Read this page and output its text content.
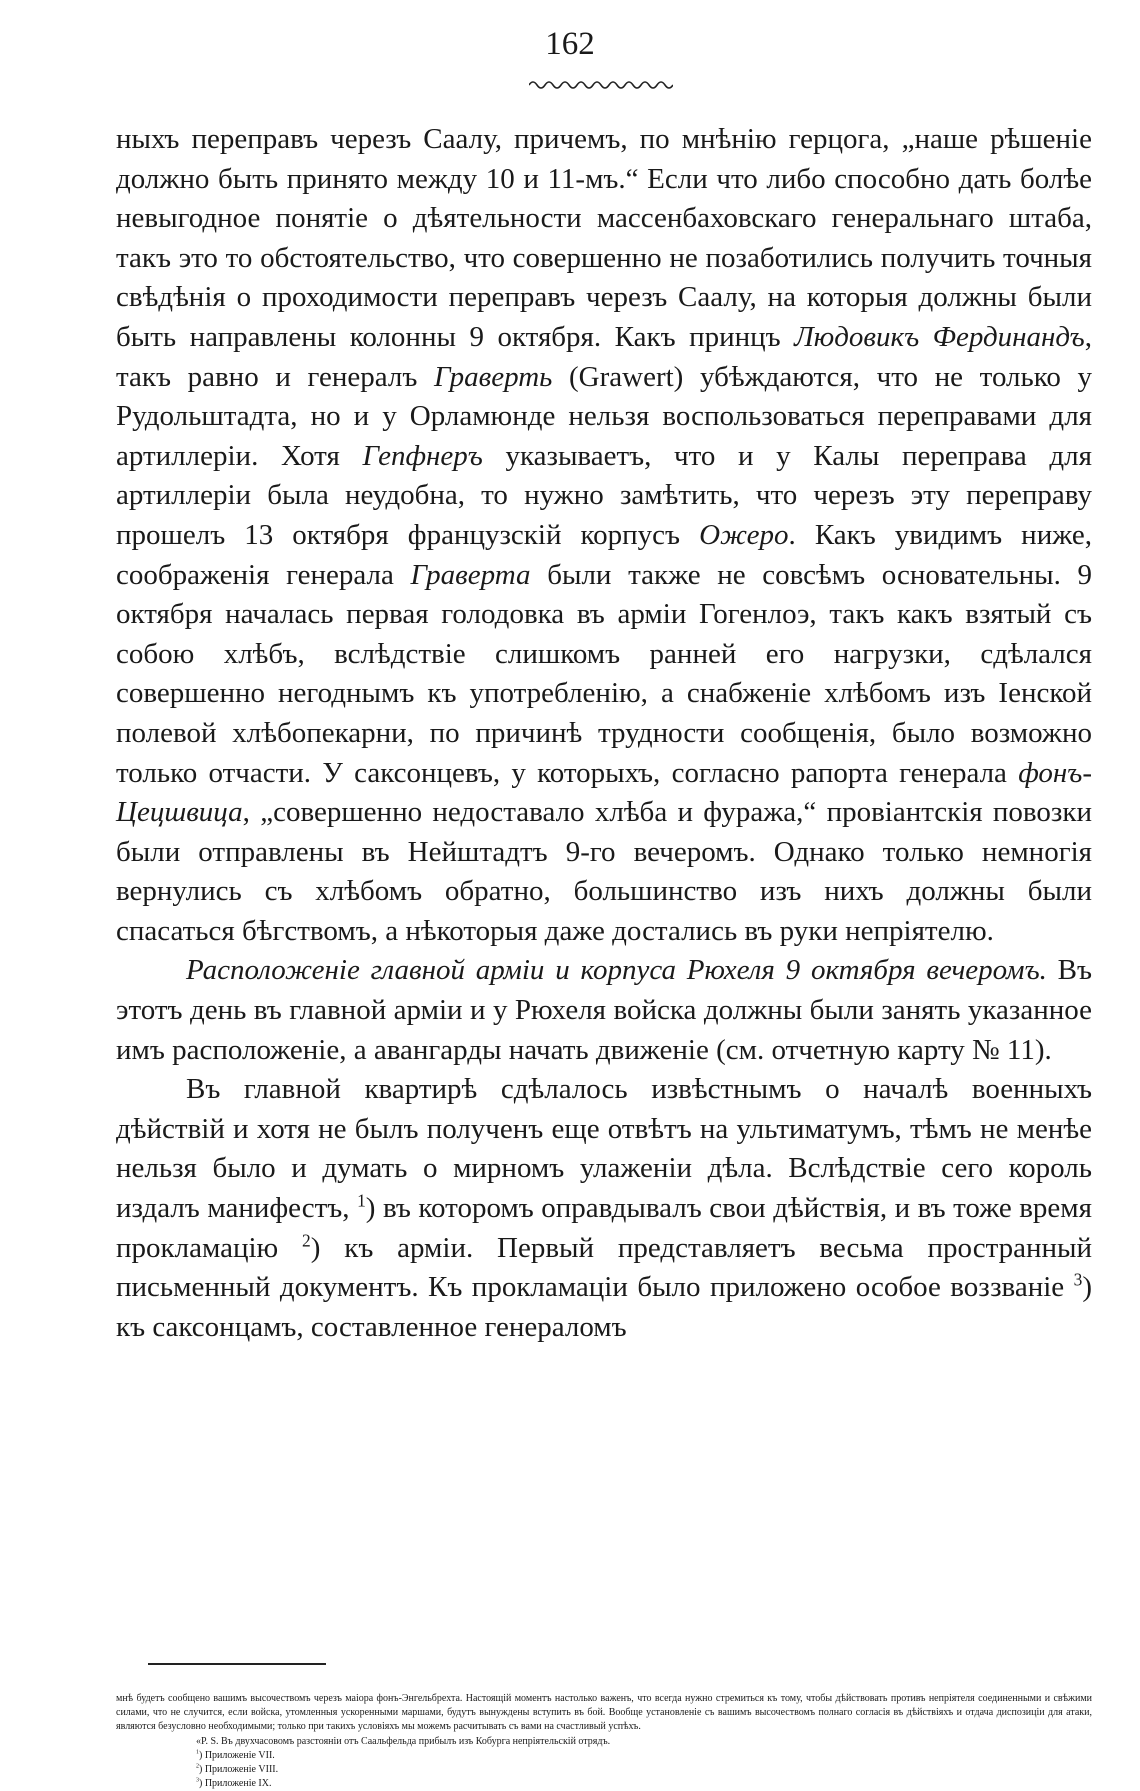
162

ныхъ переправъ черезъ Саалу, причемъ, по мнѣнію герцога, „наше рѣшеніе должно быть принято между 10 и 11-мъ.“ Если что либо способно дать болѣе невыгодное понятіе о дѣятельности массенбаховскаго генеральнаго штаба, такъ это то обстоятельство, что совершенно не позаботились получить точныя свѣдѣнія о проходимости переправъ черезъ Саалу, на которыя должны были быть направлены колонны 9 октября. Какъ принцъ Людовикъ Фердинандъ, такъ равно и генералъ Граверть (Grawert) убѣждаются, что не только у Рудольштадта, но и у Орламюнде нельзя воспользоваться переправами для артиллеріи. Хотя Гепфнеръ указываетъ, что и у Калы переправа для артиллеріи была неудобна, то нужно замѣтить, что черезъ эту переправу прошелъ 13 октября французскій корпусъ Ожеро. Какъ увидимъ ниже, соображенія генерала Граверта были также не совсѣмъ основательны. 9 октября началась первая голодовка въ арміи Гогенлоэ, такъ какъ взятый съ собою хлѣбъ, вслѣдствіе слишкомъ ранней его нагрузки, сдѣлался совершенно негоднымъ къ употребленію, а снабженіе хлѣбомъ изъ Іенской полевой хлѣбопекарни, по причинѣ трудности сообщенія, было возможно только отчасти. У саксонцевъ, у которыхъ, согласно рапорта генерала фонъ-Цецшвица, „совершенно недоставало хлѣба и фуража,“ провіантскія повозки были отправлены въ Нейштадтъ 9-го вечеромъ. Однако только немногія вернулись съ хлѣбомъ обратно, большинство изъ нихъ должны были спасаться бѣгствомъ, а нѣкоторыя даже достались въ руки непріятелю.

Расположеніе главной арміи и корпуса Рюхеля 9 октября вечеромъ. Въ этотъ день въ главной арміи и у Рюхеля войска должны были занять указанное имъ расположеніе, а авангарды начать движеніе (см. отчетную карту № 11).

Въ главной квартирѣ сдѣлалось извѣстнымъ о началѣ военныхъ дѣйствій и хотя не былъ полученъ еще отвѣтъ на ультиматумъ, тѣмъ не менѣе нельзя было и думать о мирномъ улаженіи дѣла. Вслѣдствіе сего король издалъ манифестъ, $^1$) въ которомъ оправдывалъ свои дѣйствія, и въ тоже время прокламацію $^2$) къ арміи. Первый представляетъ весьма пространный письменный документъ. Къ прокламаціи было приложено особое воззваніе $^3$) къ саксонцамъ, составленное генераломъ

мнѣ будетъ сообщено вашимъ высочествомъ черезъ маіора фонъ-Энгельбрехта. Настоящій моментъ настолько важенъ, что всегда нужно стремиться къ тому, чтобы дѣйствовать противъ непріятеля соединенными и свѣжими силами, что не случится, если войска, утомленныя ускоренными маршами, будутъ вынуждены вступить въ бой. Вообще установленіе съ вашимъ высочествомъ полнаго согласія въ дѣйствіяхъ и отдача диспозиціи для атаки, являются безусловно необходимыми; только при такихъ условіяхъ мы можемъ расчитывать съ вами на счастливый успѣхъ.

«P. S. Въ двухчасовомъ разстояніи отъ Саальфельда прибылъ изъ Кобурга непріятельскій отрядъ.

$^1$) Приложеніе VII.

$^2$) Приложеніе VIII.

$^3$) Приложеніе IX.
